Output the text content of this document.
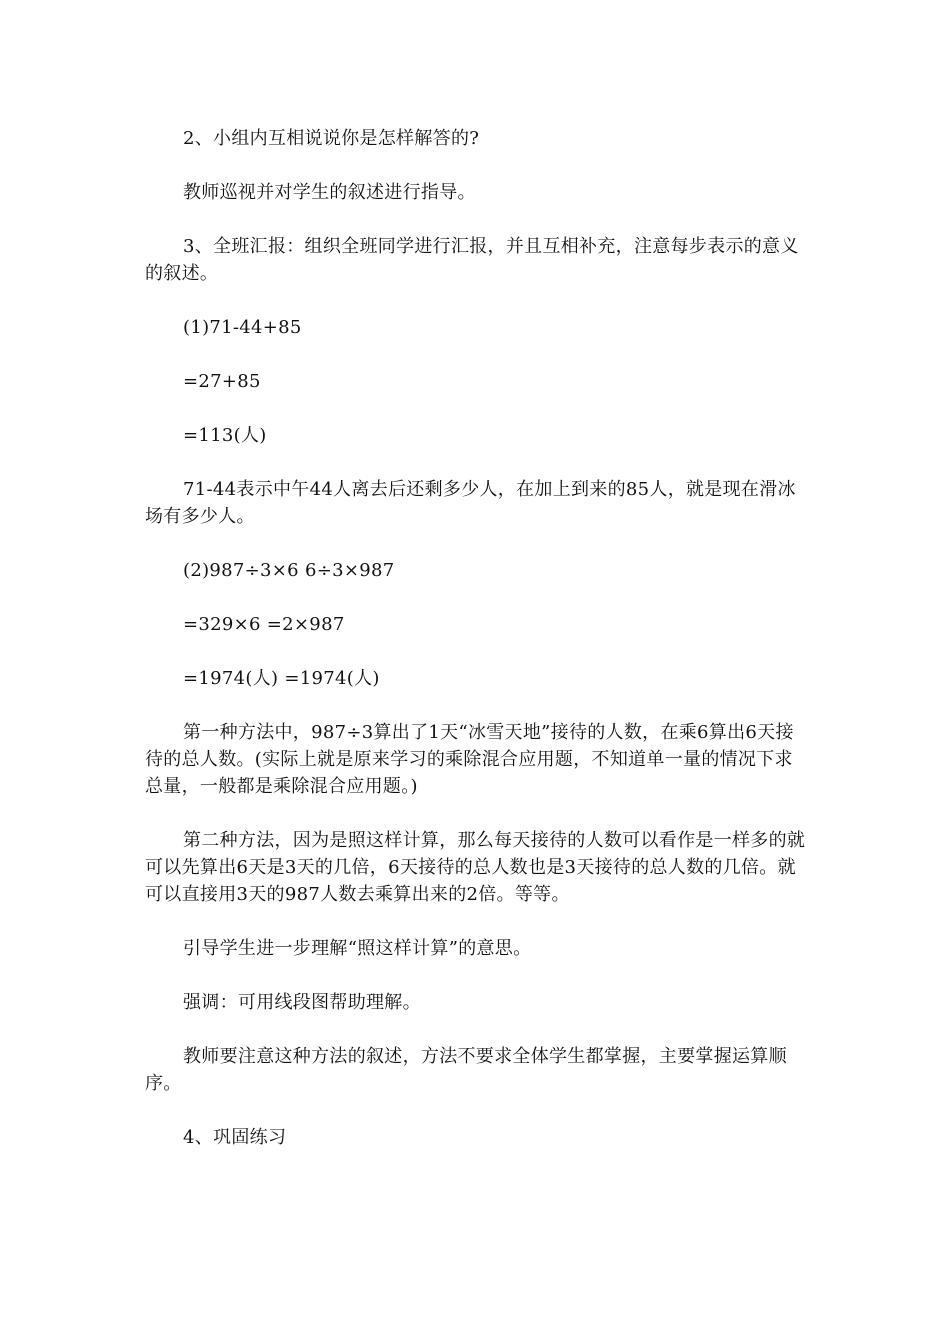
2、小组内互相说说你是怎样解答的?

教师巡视并对学生的叙述进行指导。

3、全班汇报：组织全班同学进行汇报，并且互相补充，注意每步表示的意义的叙述。

(1)71-44+85

=27+85

=113(人)

71-44表示中午44人离去后还剩多少人，在加上到来的85人，就是现在滑冰场有多少人。

(2)987÷3×6 6÷3×987

=329×6 =2×987

=1974(人) =1974(人)

第一种方法中，987÷3算出了1天“冰雪天地”接待的人数，在乘6算出6天接待的总人数。(实际上就是原来学习的乘除混合应用题，不知道单一量的情况下求总量，一般都是乘除混合应用题。)

第二种方法，因为是照这样计算，那么每天接待的人数可以看作是一样多的就可以先算出6天是3天的几倍，6天接待的总人数也是3天接待的总人数的几倍。就可以直接用3天的987人数去乘算出来的2倍。等等。

引导学生进一步理解“照这样计算”的意思。

强调：可用线段图帮助理解。

教师要注意这种方法的叙述，方法不要求全体学生都掌握，主要掌握运算顺序。

4、巩固练习
